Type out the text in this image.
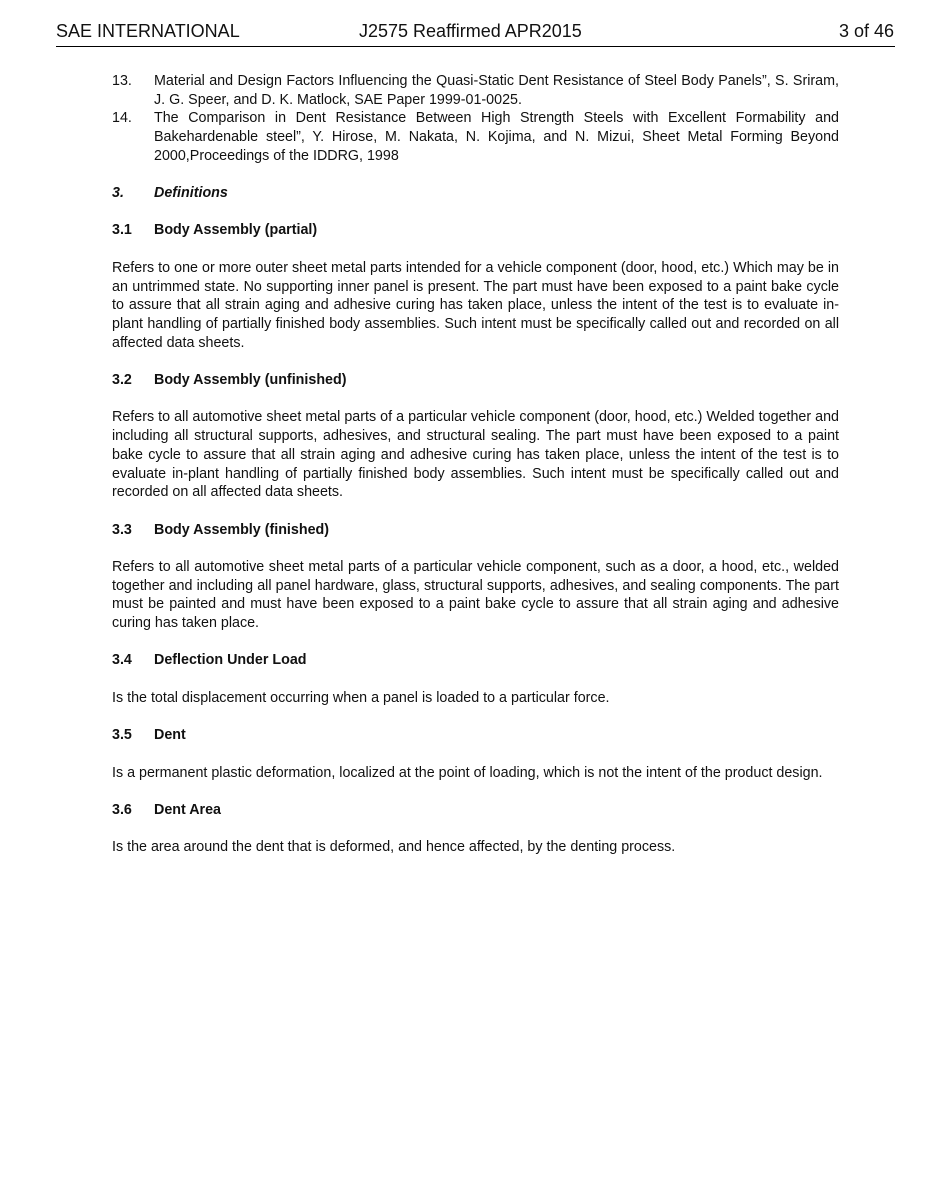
SAE INTERNATIONAL	J2575 Reaffirmed APR2015	3 of 46
13.	Material and Design Factors Influencing the Quasi-Static Dent Resistance of Steel Body Panels”, S. Sriram, J. G. Speer, and D. K. Matlock, SAE Paper 1999-01-0025.
14.	The Comparison in Dent Resistance Between High Strength Steels with Excellent Formability and Bakehardenable steel”, Y. Hirose, M. Nakata, N. Kojima, and N. Mizui, Sheet Metal Forming Beyond 2000,Proceedings of the IDDRG, 1998
3.	Definitions
3.1	Body Assembly (partial)

Refers to one or more outer sheet metal parts intended for a vehicle component (door, hood, etc.) Which may be in an untrimmed state. No supporting inner panel is present. The part must have been exposed to a paint bake cycle to assure that all strain aging and adhesive curing has taken place, unless the intent of the test is to evaluate in-plant handling of partially finished body assemblies. Such intent must be specifically called out and recorded on all affected data sheets.

3.2	Body Assembly (unfinished)

Refers to all automotive sheet metal parts of a particular vehicle component (door, hood, etc.) Welded together and including all structural supports, adhesives, and structural sealing. The part must have been exposed to a paint bake cycle to assure that all strain aging and adhesive curing has taken place, unless the intent of the test is to evaluate in-plant handling of partially finished body assemblies. Such intent must be specifically called out and recorded on all affected data sheets.

3.3	Body Assembly (finished)

Refers to all automotive sheet metal parts of a particular vehicle component, such as a door, a hood, etc., welded together and including all panel hardware, glass, structural supports, adhesives, and sealing components. The part must be painted and must have been exposed to a paint bake cycle to assure that all strain aging and adhesive curing has taken place.

3.4	Deflection Under Load

Is the total displacement occurring when a panel is loaded to a particular force.

3.5	Dent

Is a permanent plastic deformation, localized at the point of loading, which is not the intent of the product design.

3.6	Dent Area

Is the area around the dent that is deformed, and hence affected, by the denting process.
